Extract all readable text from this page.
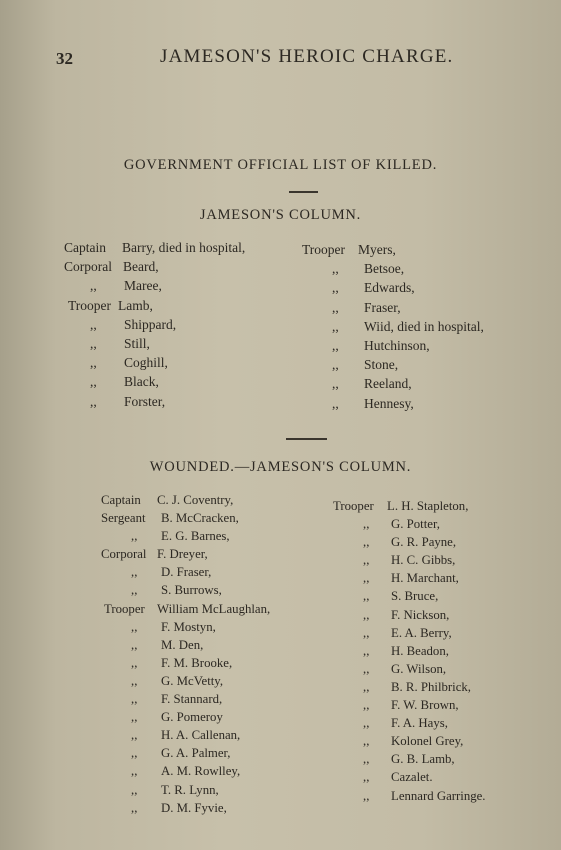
32	JAMESON'S HEROIC CHARGE.
GOVERNMENT OFFICIAL LIST OF KILLED.
JAMESON'S COLUMN.
Captain Barry, died in hospital,
Corporal Beard,
,, Maree,
Trooper Lamb,
,, Shippard,
,, Still,
,, Coghill,
,, Black,
,, Forster,
Trooper Myers,
,, Betsoe,
,, Edwards,
,, Fraser,
,, Wiid, died in hospital,
,, Hutchinson,
,, Stone,
,, Reeland,
,, Hennesy,
WOUNDED.—JAMESON'S COLUMN.
Captain C. J. Coventry,
Sergeant B. McCracken,
,, E. G. Barnes,
Corporal F. Dreyer,
,, D. Fraser,
,, S. Burrows,
Trooper William McLaughlan,
,, F. Mostyn,
,, M. Den,
,, F. M. Brooke,
,, G. McVetty,
,, F. Stannard,
,, G. Pomeroy
,, H. A. Callenan,
,, G. A. Palmer,
,, A. M. Rowlley,
,, T. R. Lynn,
,, D. M. Fyvie,
Trooper L. H. Stapleton,
,, G. Potter,
,, G. R. Payne,
,, H. C. Gibbs,
,, H. Marchant,
,, S. Bruce,
,, F. Nickson,
,, E. A. Berry,
,, H. Beadon,
,, G. Wilson,
,, B. R. Philbrick,
,, F. W. Brown,
,, F. A. Hays,
,, Kolonel Grey,
,, G. B. Lamb,
,, Cazalet.
,, Lennard Garringe.
